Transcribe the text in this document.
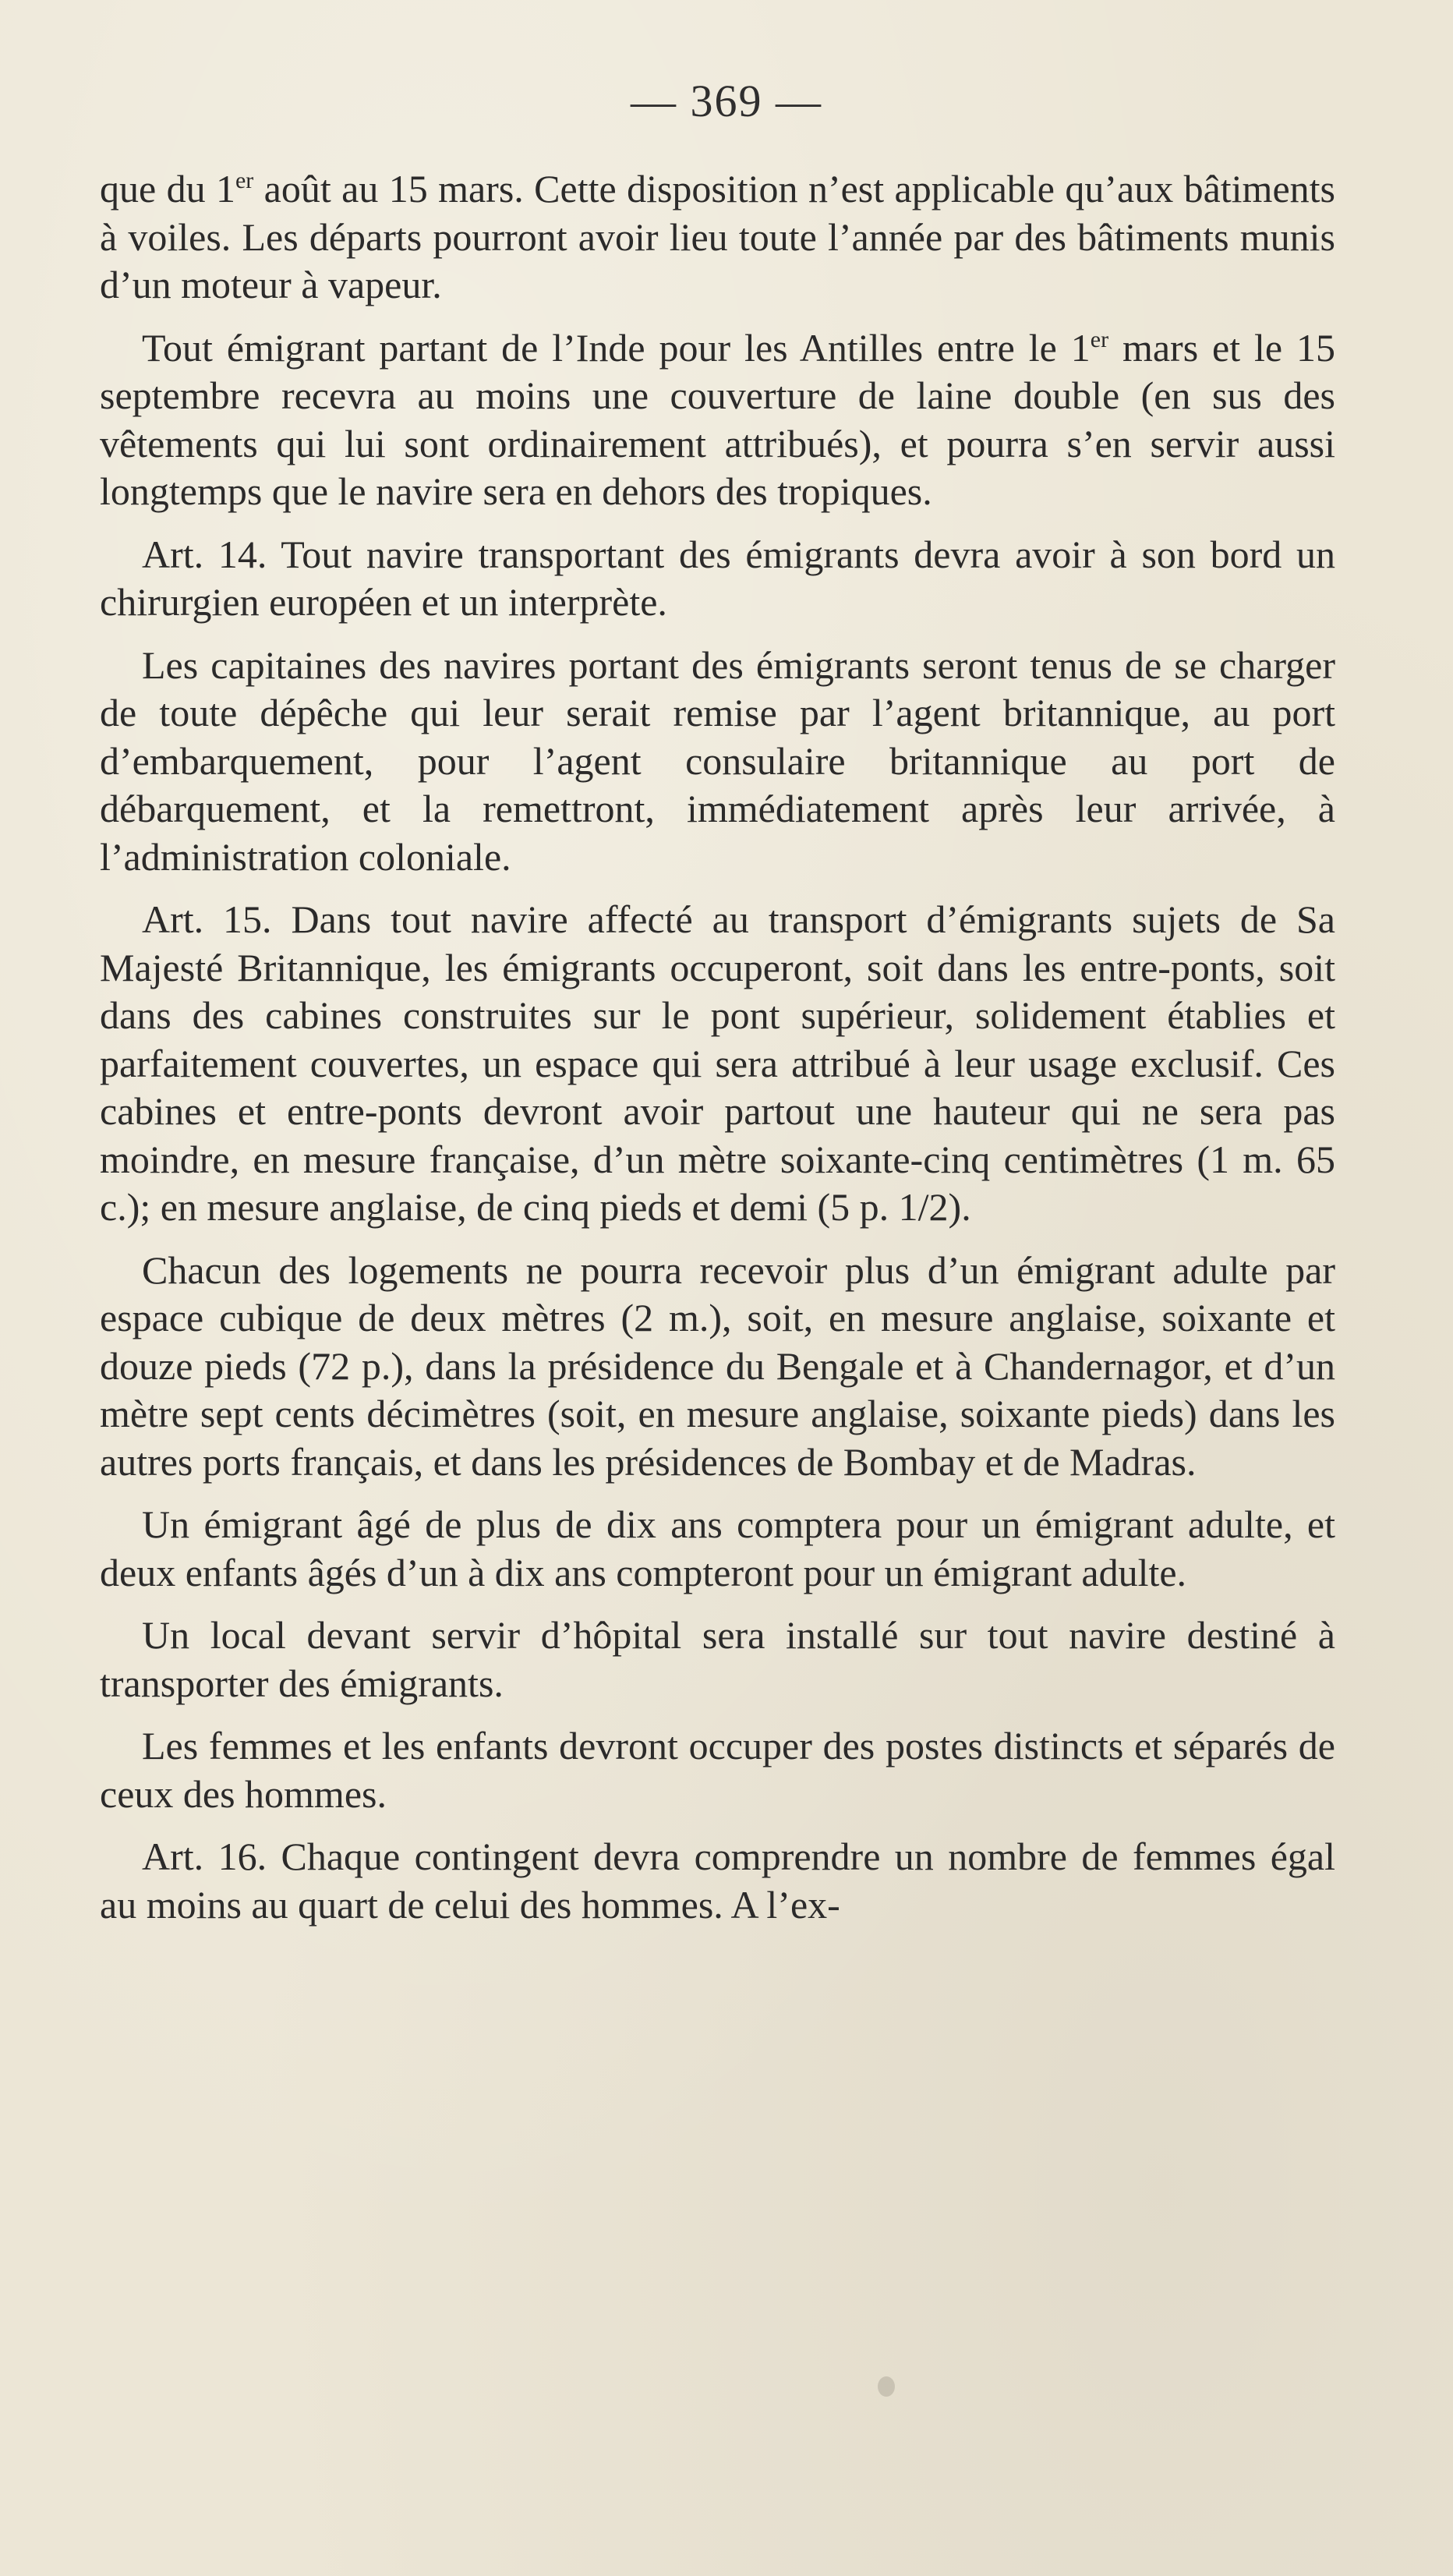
— 369 —

que du 1er août au 15 mars. Cette disposition n’est applicable qu’aux bâtiments à voiles. Les départs pourront avoir lieu toute l’année par des bâtiments munis d’un moteur à vapeur.

Tout émigrant partant de l’Inde pour les Antilles entre le 1er mars et le 15 septembre recevra au moins une couverture de laine double (en sus des vêtements qui lui sont ordinairement attribués), et pourra s’en servir aussi longtemps que le navire sera en dehors des tropiques.

Art. 14. Tout navire transportant des émigrants devra avoir à son bord un chirurgien européen et un interprète.

Les capitaines des navires portant des émigrants seront tenus de se charger de toute dépêche qui leur serait remise par l’agent britannique, au port d’embarquement, pour l’agent consulaire britannique au port de débarquement, et la remettront, immédiatement après leur arrivée, à l’administration coloniale.

Art. 15. Dans tout navire affecté au transport d’émigrants sujets de Sa Majesté Britannique, les émigrants occuperont, soit dans les entre-ponts, soit dans des cabines construites sur le pont supérieur, solidement établies et parfaitement couvertes, un espace qui sera attribué à leur usage exclusif. Ces cabines et entre-ponts devront avoir partout une hauteur qui ne sera pas moindre, en mesure française, d’un mètre soixante-cinq centimètres (1 m. 65 c.); en mesure anglaise, de cinq pieds et demi (5 p. 1/2).

Chacun des logements ne pourra recevoir plus d’un émigrant adulte par espace cubique de deux mètres (2 m.), soit, en mesure anglaise, soixante et douze pieds (72 p.), dans la présidence du Bengale et à Chandernagor, et d’un mètre sept cents décimètres (soit, en mesure anglaise, soixante pieds) dans les autres ports français, et dans les présidences de Bombay et de Madras.

Un émigrant âgé de plus de dix ans comptera pour un émigrant adulte, et deux enfants âgés d’un à dix ans compteront pour un émigrant adulte.

Un local devant servir d’hôpital sera installé sur tout navire destiné à transporter des émigrants.

Les femmes et les enfants devront occuper des postes distincts et séparés de ceux des hommes.

Art. 16. Chaque contingent devra comprendre un nombre de femmes égal au moins au quart de celui des hommes. A l’ex-
